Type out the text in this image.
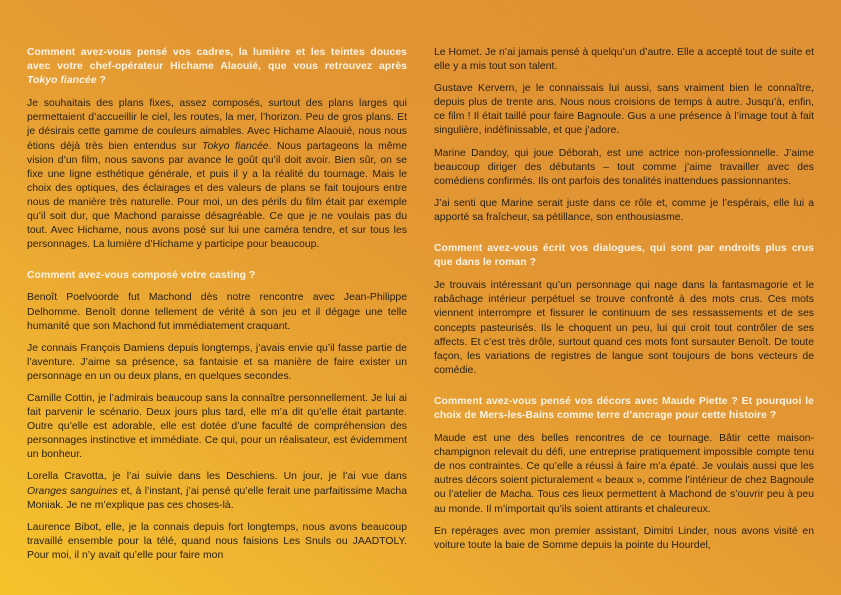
Comment avez-vous pensé vos cadres, la lumière et les teintes douces avec votre chef-opérateur Hichame Alaouié, que vous retrouvez après Tokyo fiancée ?

Je souhaitais des plans fixes, assez composés, surtout des plans larges qui permettaient d’accueillir le ciel, les routes, la mer, l’horizon. Peu de gros plans. Et je désirais cette gamme de couleurs aimables. Avec Hichame Alaouié, nous nous étions déjà très bien entendus sur Tokyo fiancée. Nous partageons la même vision d’un film, nous savons par avance le goût qu’il doit avoir. Bien sûr, on se fixe une ligne esthétique générale, et puis il y a la réalité du tournage. Mais le choix des optiques, des éclairages et des valeurs de plans se fait toujours entre nous de manière très naturelle. Pour moi, un des périls du film était par exemple qu’il soit dur, que Machond paraisse désagréable. Ce que je ne voulais pas du tout. Avec Hichame, nous avons posé sur lui une caméra tendre, et sur tous les personnages. La lumière d’Hichame y participe pour beaucoup.

Comment avez-vous composé votre casting ?

Benoît Poelvoorde fut Machond dès notre rencontre avec Jean-Philippe Delhomme. Benoît donne tellement de vérité à son jeu et il dégage une telle humanité que son Machond fut immédiatement craquant.

Je connais François Damiens depuis longtemps, j’avais envie qu’il fasse partie de l’aventure. J’aime sa présence, sa fantaisie et sa manière de faire exister un personnage en un ou deux plans, en quelques secondes.

Camille Cottin, je l’admirais beaucoup sans la connaître personnellement. Je lui ai fait parvenir le scénario. Deux jours plus tard, elle m’a dit qu’elle était partante. Outre qu’elle est adorable, elle est dotée d’une faculté de compréhension des personnages instinctive et immédiate. Ce qui, pour un réalisateur, est évidemment un bonheur.

Lorella Cravotta, je l’ai suivie dans les Deschiens. Un jour, je l’ai vue dans Oranges sanguines et, à l’instant, j’ai pensé qu’elle ferait une parfaitissime Macha Moniak. Je ne m’explique pas ces choses-là.

Laurence Bibot, elle, je la connais depuis fort longtemps, nous avons beaucoup travaillé ensemble pour la télé, quand nous faisions Les Snuls ou JAADTOLY. Pour moi, il n’y avait qu’elle pour faire mon

Le Homet. Je n’ai jamais pensé à quelqu’un d’autre. Elle a accepté tout de suite et elle y a mis tout son talent.

Gustave Kervern, je le connaissais lui aussi, sans vraiment bien le connaître, depuis plus de trente ans. Nous nous croisions de temps à autre. Jusqu’à, enfin, ce film ! Il était taillé pour faire Bagnoule. Gus a une présence à l’image tout à fait singulière, indéfinissable, et que j’adore.

Marine Dandoy, qui joue Déborah, est une actrice non-professionnelle. J’aime beaucoup diriger des débutants – tout comme j’aime travailler avec des comédiens confirmés. Ils ont parfois des tonalités inattendues passionnantes.

J’ai senti que Marine serait juste dans ce rôle et, comme je l’espérais, elle lui a apporté sa fraîcheur, sa pétillance, son enthousiasme.

Comment avez-vous écrit vos dialogues, qui sont par endroits plus crus que dans le roman ?

Je trouvais intéressant qu’un personnage qui nage dans la fantasmagorie et le rabâchage intérieur perpétuel se trouve confronté à des mots crus. Ces mots viennent interrompre et fissurer le continuum de ses ressassements et de ses concepts pasteurisés. Ils le choquent un peu, lui qui croit tout contrôler de ses affects. Et c’est très drôle, surtout quand ces mots font sursauter Benoît. De toute façon, les variations de registres de langue sont toujours de bons vecteurs de comédie.

Comment avez-vous pensé vos décors avec Maude Piette ? Et pourquoi le choix de Mers-les-Bains comme terre d’ancrage pour cette histoire ?

Maude est une des belles rencontres de ce tournage. Bâtir cette maison-champignon relevait du défi, une entreprise pratiquement impossible compte tenu de nos contraintes. Ce qu’elle a réussi à faire m’a épaté. Je voulais aussi que les autres décors soient picturalement « beaux », comme l’intérieur de chez Bagnoule ou l’atelier de Macha. Tous ces lieux permettent à Machond de s’ouvrir peu à peu au monde. Il m’importait qu’ils soient attirants et chaleureux.

En repérages avec mon premier assistant, Dimitri Linder, nous avons visité en voiture toute la baie de Somme depuis la pointe du Hourdel,
